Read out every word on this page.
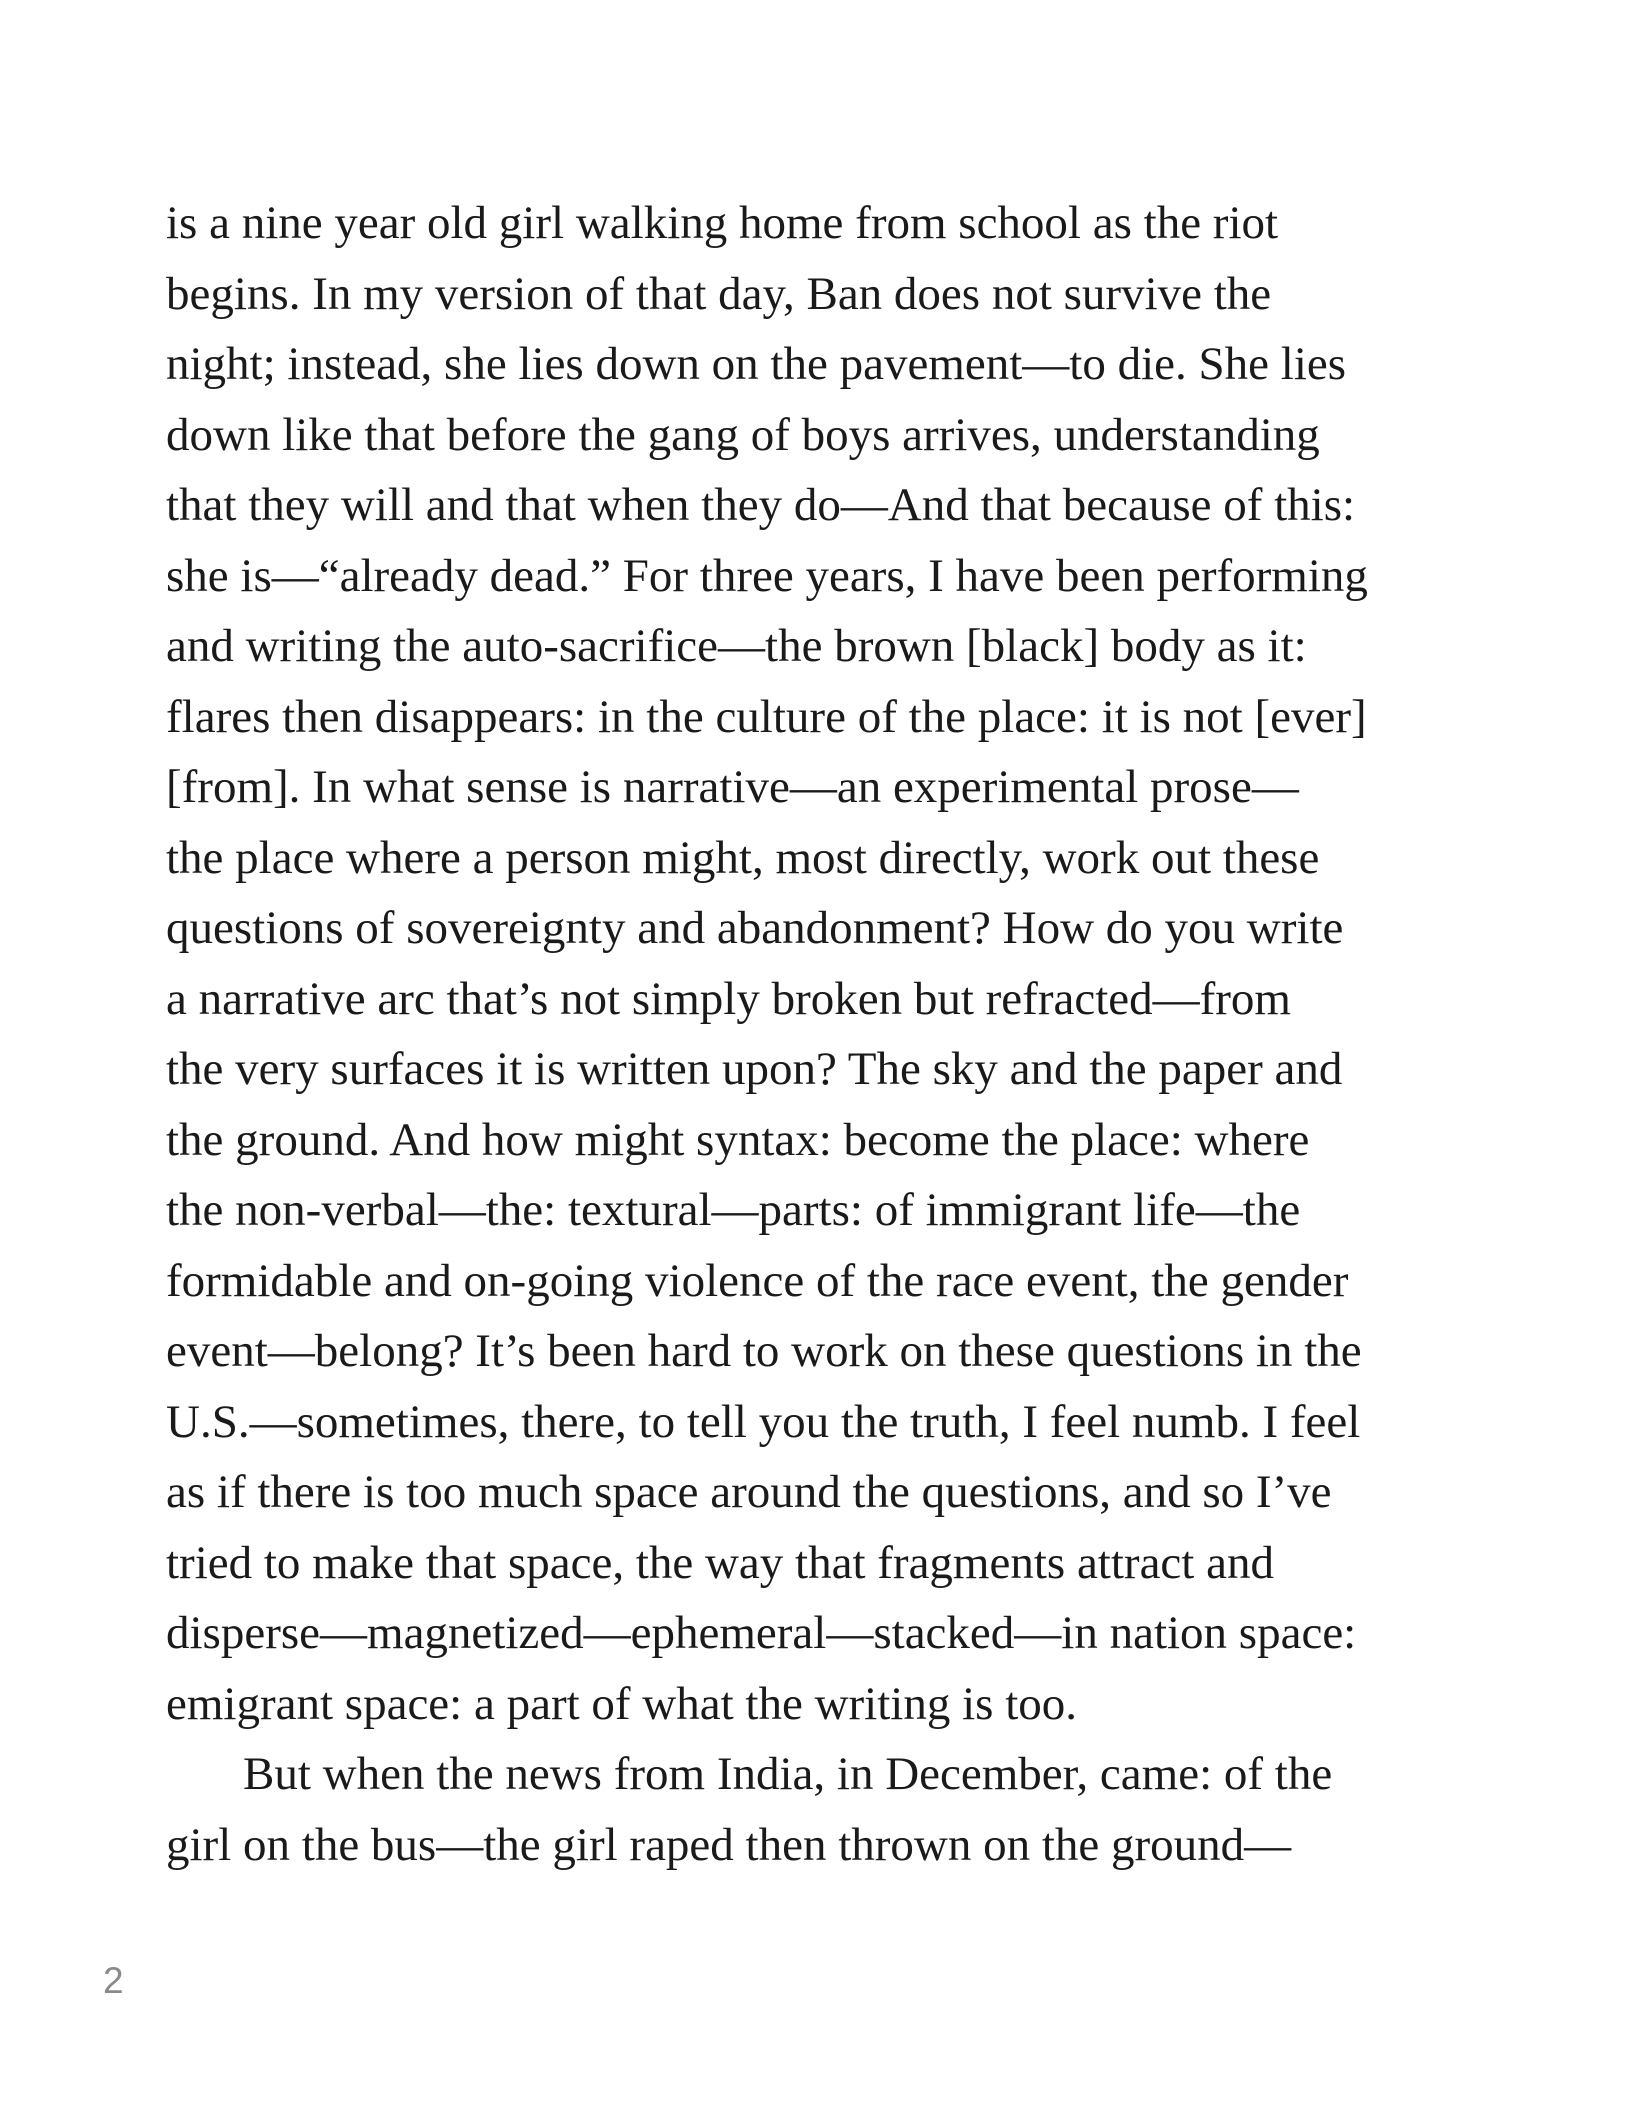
is a nine year old girl walking home from school as the riot
begins. In my version of that day, Ban does not survive the
night; instead, she lies down on the pavement—to die. She lies
down like that before the gang of boys arrives, understanding
that they will and that when they do—And that because of this:
she is—“already dead.” For three years, I have been performing
and writing the auto-sacrifice—the brown [black] body as it:
flares then disappears: in the culture of the place: it is not [ever]
[from]. In what sense is narrative—an experimental prose—
the place where a person might, most directly, work out these
questions of sovereignty and abandonment? How do you write
a narrative arc that’s not simply broken but refracted—from
the very surfaces it is written upon? The sky and the paper and
the ground. And how might syntax: become the place: where
the non-verbal—the: textural—parts: of immigrant life—the
formidable and on-going violence of the race event, the gender
event—belong? It’s been hard to work on these questions in the
U.S.—sometimes, there, to tell you the truth, I feel numb. I feel
as if there is too much space around the questions, and so I’ve
tried to make that space, the way that fragments attract and
disperse—magnetized—ephemeral—stacked—in nation space:
emigrant space: a part of what the writing is too.
But when the news from India, in December, came: of the
girl on the bus—the girl raped then thrown on the ground—
2
